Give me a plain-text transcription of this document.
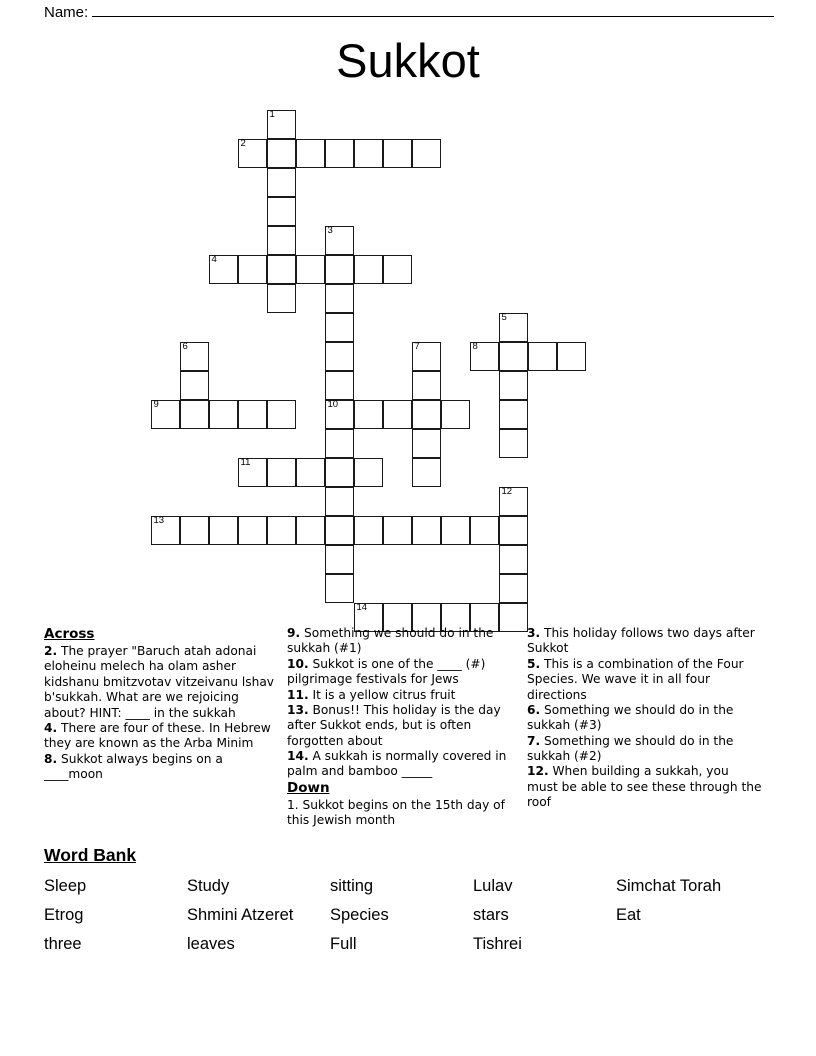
Name:
Sukkot
1
2
3
10
4
5
6	7	8
9
11
12
13
14
Across
2. The prayer "Baruch atah adonai eloheinu melech ha olam asher kidshanu bmitzvotav vitzeivanu lshav b'sukkah. What are we rejoicing about? HINT: ____ in the sukkah
4. There are four of these. In Hebrew they are known as the Arba Minim
8. Sukkot always begins on a ____moon
9. Something we should do in the sukkah (#1)
10. Sukkot is one of the ____ (#) pilgrimage festivals for Jews
11. It is a yellow citrus fruit
13. Bonus!! This holiday is the day after Sukkot ends, but is often forgotten about
14. A sukkah is normally covered in palm and bamboo _____
Down
1. Sukkot begins on the 15th day of this Jewish month
3. This holiday follows two days after Sukkot
5. This is a combination of the Four Species. We wave it in all four directions
6. Something we should do in the sukkah (#3)
7. Something we should do in the sukkah (#2)
12. When building a sukkah, you must be able to see these through the roof
Word Bank
Sleep	Study	sitting	Lulav	Simchat Torah
Etrog	Shmini Atzeret	Species	stars	Eat
three	leaves	Full	Tishrei
